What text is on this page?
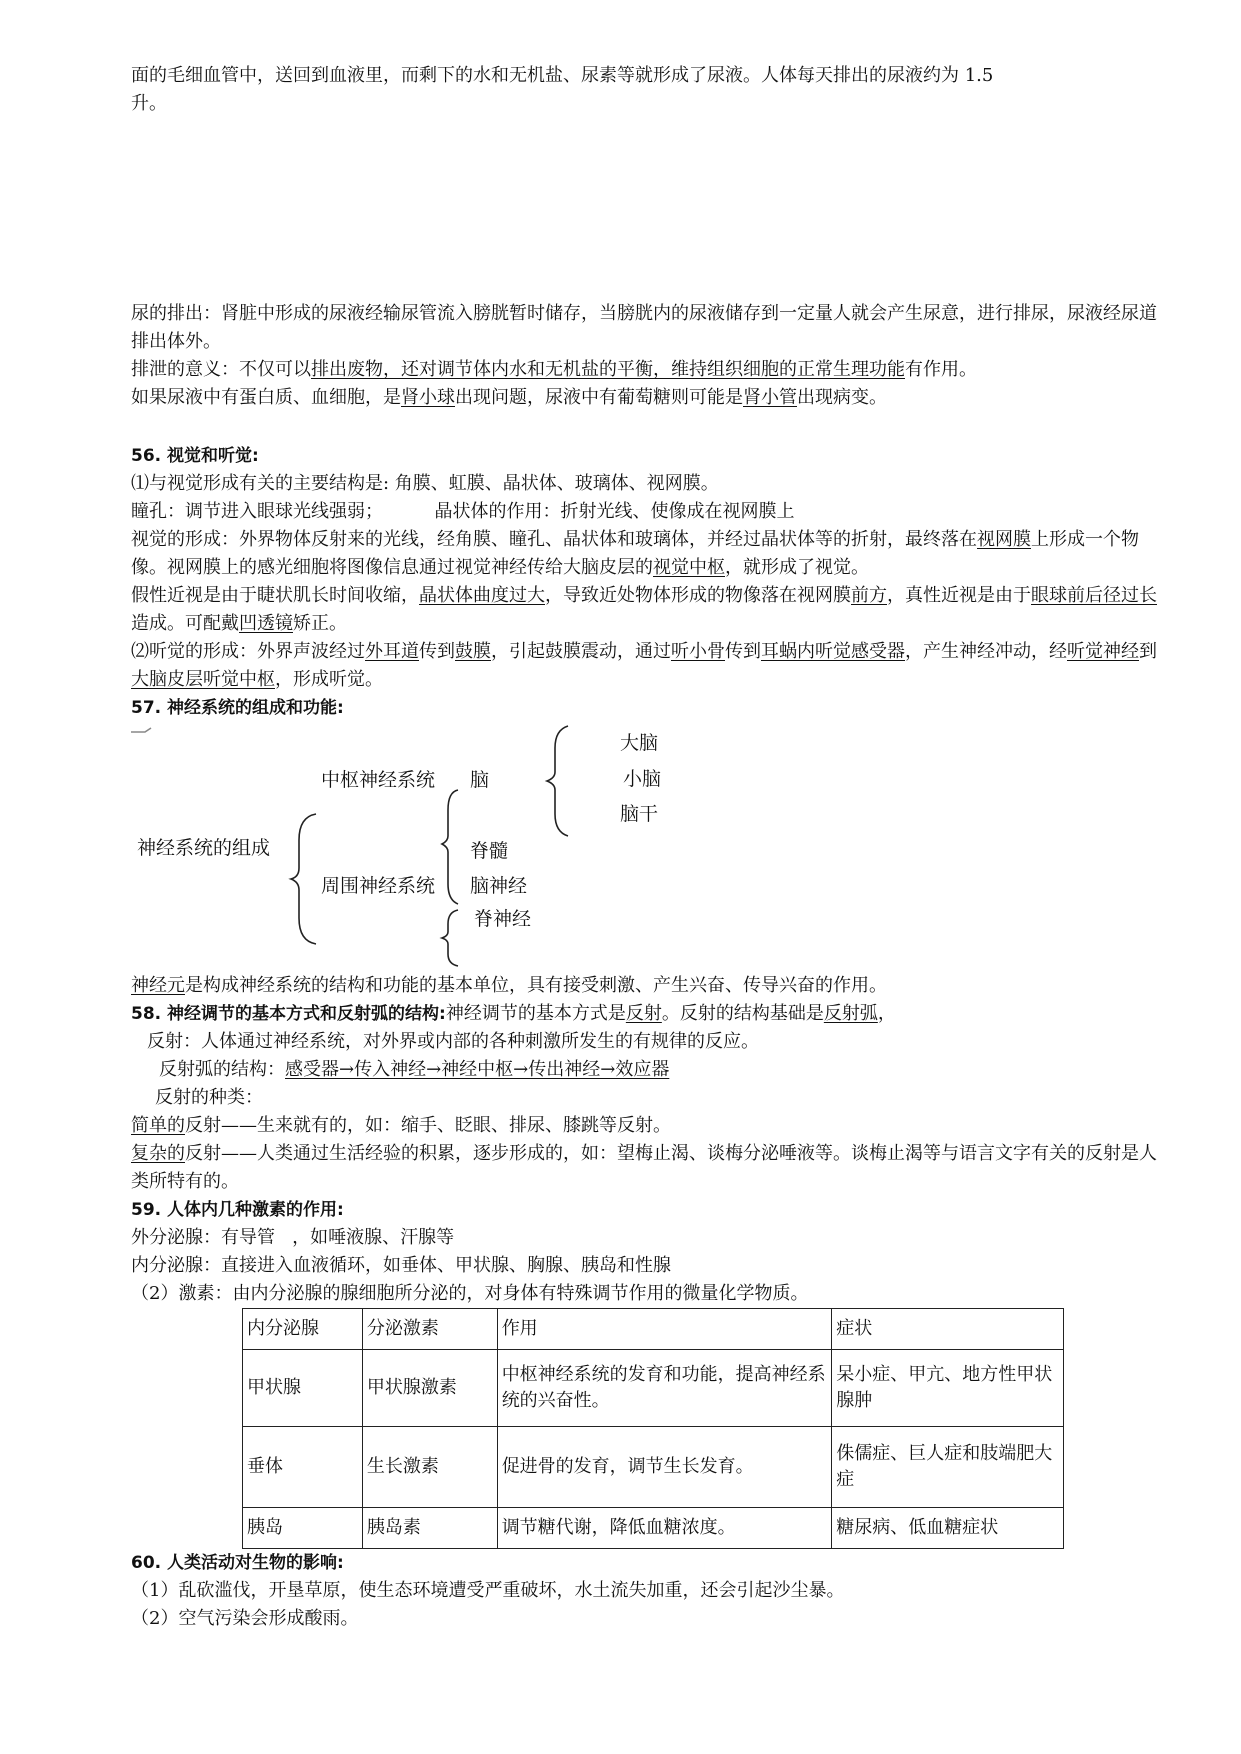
面的毛细血管中，送回到血液里，而剩下的水和无机盐、尿素等就形成了尿液。人体每天排出的尿液约为 1.5

升。

尿的排出：肾脏中形成的尿液经输尿管流入膀胱暂时储存，当膀胱内的尿液储存到一定量人就会产生尿意，进行排尿，尿液经尿道排出体外。

排泄的意义：不仅可以排出废物，还对调节体内水和无机盐的平衡，维持组织细胞的正常生理功能有作用。

如果尿液中有蛋白质、血细胞，是肾小球出现问题，尿液中有葡萄糖则可能是肾小管出现病变。

56. 视觉和听觉:

⑴与视觉形成有关的主要结构是: 角膜、虹膜、晶状体、玻璃体、视网膜。

瞳孔：调节进入眼球光线强弱；         晶状体的作用：折射光线、使像成在视网膜上

视觉的形成：外界物体反射来的光线，经角膜、瞳孔、晶状体和玻璃体，并经过晶状体等的折射，最终落在视网膜上形成一个物像。视网膜上的感光细胞将图像信息通过视觉神经传给大脑皮层的视觉中枢，就形成了视觉。

假性近视是由于睫状肌长时间收缩，晶状体曲度过大，导致近处物体形成的物像落在视网膜前方，真性近视是由于眼球前后径过长造成。可配戴凹透镜矫正。

⑵听觉的形成：外界声波经过外耳道传到鼓膜，引起鼓膜震动，通过听小骨传到耳蜗内听觉感受器，产生神经冲动，经听觉神经到大脑皮层听觉中枢，形成听觉。

57. 神经系统的组成和功能:

神经系统的组成
中枢神经系统
周围神经系统
脑
脊髓
大脑
小脑
脑干
脑神经
脊神经

神经元是构成神经系统的结构和功能的基本单位，具有接受刺激、产生兴奋、传导兴奋的作用。

58. 神经调节的基本方式和反射弧的结构:神经调节的基本方式是反射。反射的结构基础是反射弧，

反射：人体通过神经系统，对外界或内部的各种刺激所发生的有规律的反应。

反射弧的结构：感受器→传入神经→神经中枢→传出神经→效应器

反射的种类：

简单的反射——生来就有的，如：缩手、眨眼、排尿、膝跳等反射。

复杂的反射——人类通过生活经验的积累，逐步形成的，如：望梅止渴、谈梅分泌唾液等。谈梅止渴等与语言文字有关的反射是人类所特有的。

59. 人体内几种激素的作用:

外分泌腺：有导管   ，如唾液腺、汗腺等

内分泌腺：直接进入血液循环，如垂体、甲状腺、胸腺、胰岛和性腺

（2）激素：由内分泌腺的腺细胞所分泌的，对身体有特殊调节作用的微量化学物质。

内分泌腺	分泌激素	作用	症状
甲状腺	甲状腺激素	中枢神经系统的发育和功能，提高神经系统的兴奋性。	呆小症、甲亢、地方性甲状腺肿
垂体	生长激素	促进骨的发育，调节生长发育。	侏儒症、巨人症和肢端肥大症
胰岛	胰岛素	调节糖代谢，降低血糖浓度。	糖尿病、低血糖症状

60. 人类活动对生物的影响:

（1）乱砍滥伐，开垦草原，使生态环境遭受严重破坏，水土流失加重，还会引起沙尘暴。

（2）空气污染会形成酸雨。
